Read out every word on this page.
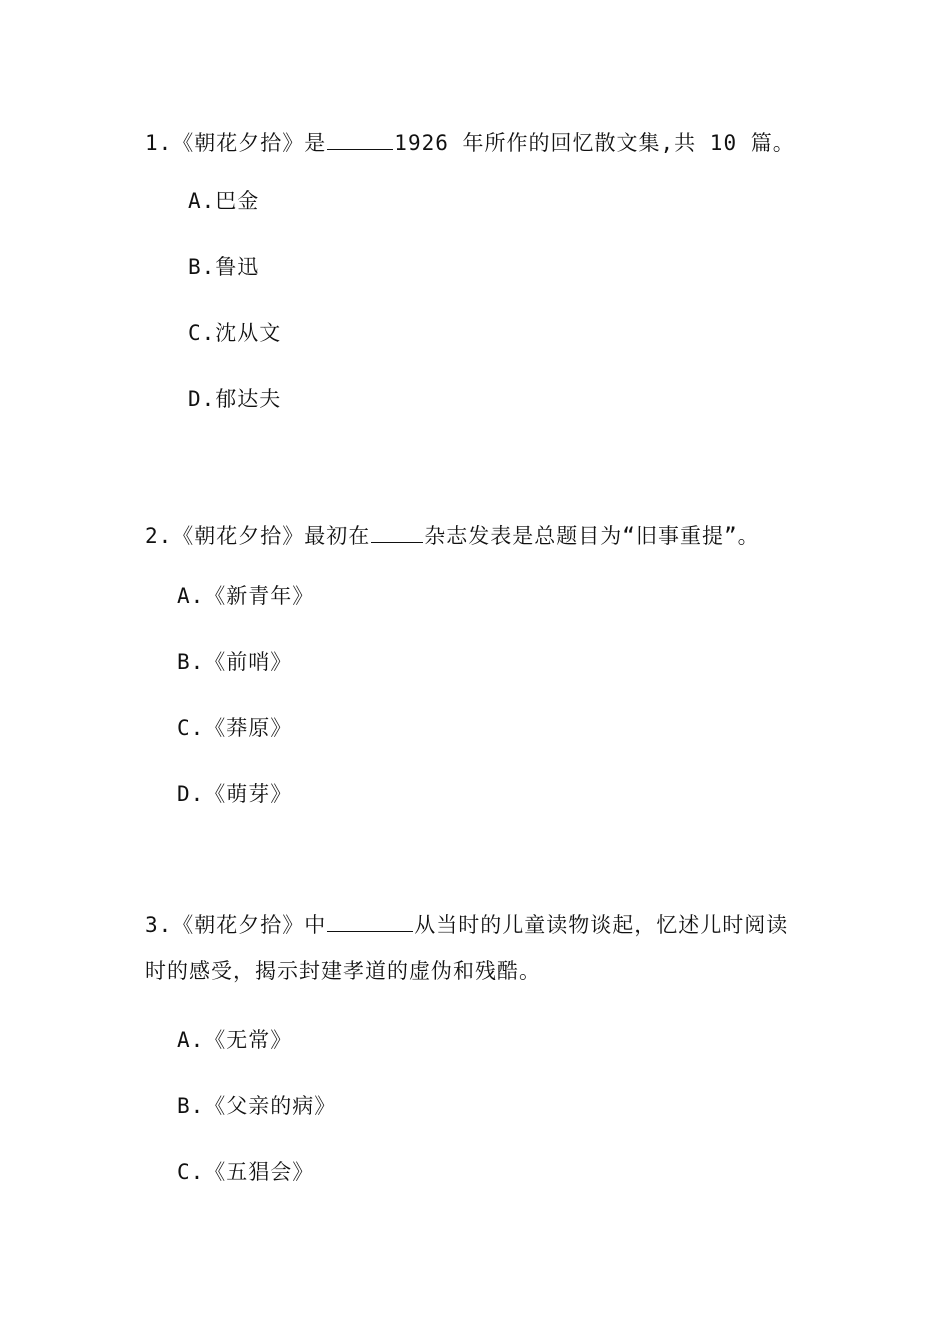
1.《朝花夕拾》是	1926 年所作的回忆散文集,共 10 篇。
A.巴金
B.鲁迅
C.沈从文
D.郁达夫
2.《朝花夕拾》最初在	杂志发表是总题目为“旧事重提”。
A.《新青年》
B.《前哨》
C.《莽原》
D.《萌芽》
3.《朝花夕拾》中	从当时的儿童读物谈起，忆述儿时阅读时的感受，揭示封建孝道的虚伪和残酷。
A.《无常》
B.《父亲的病》
C.《五猖会》
